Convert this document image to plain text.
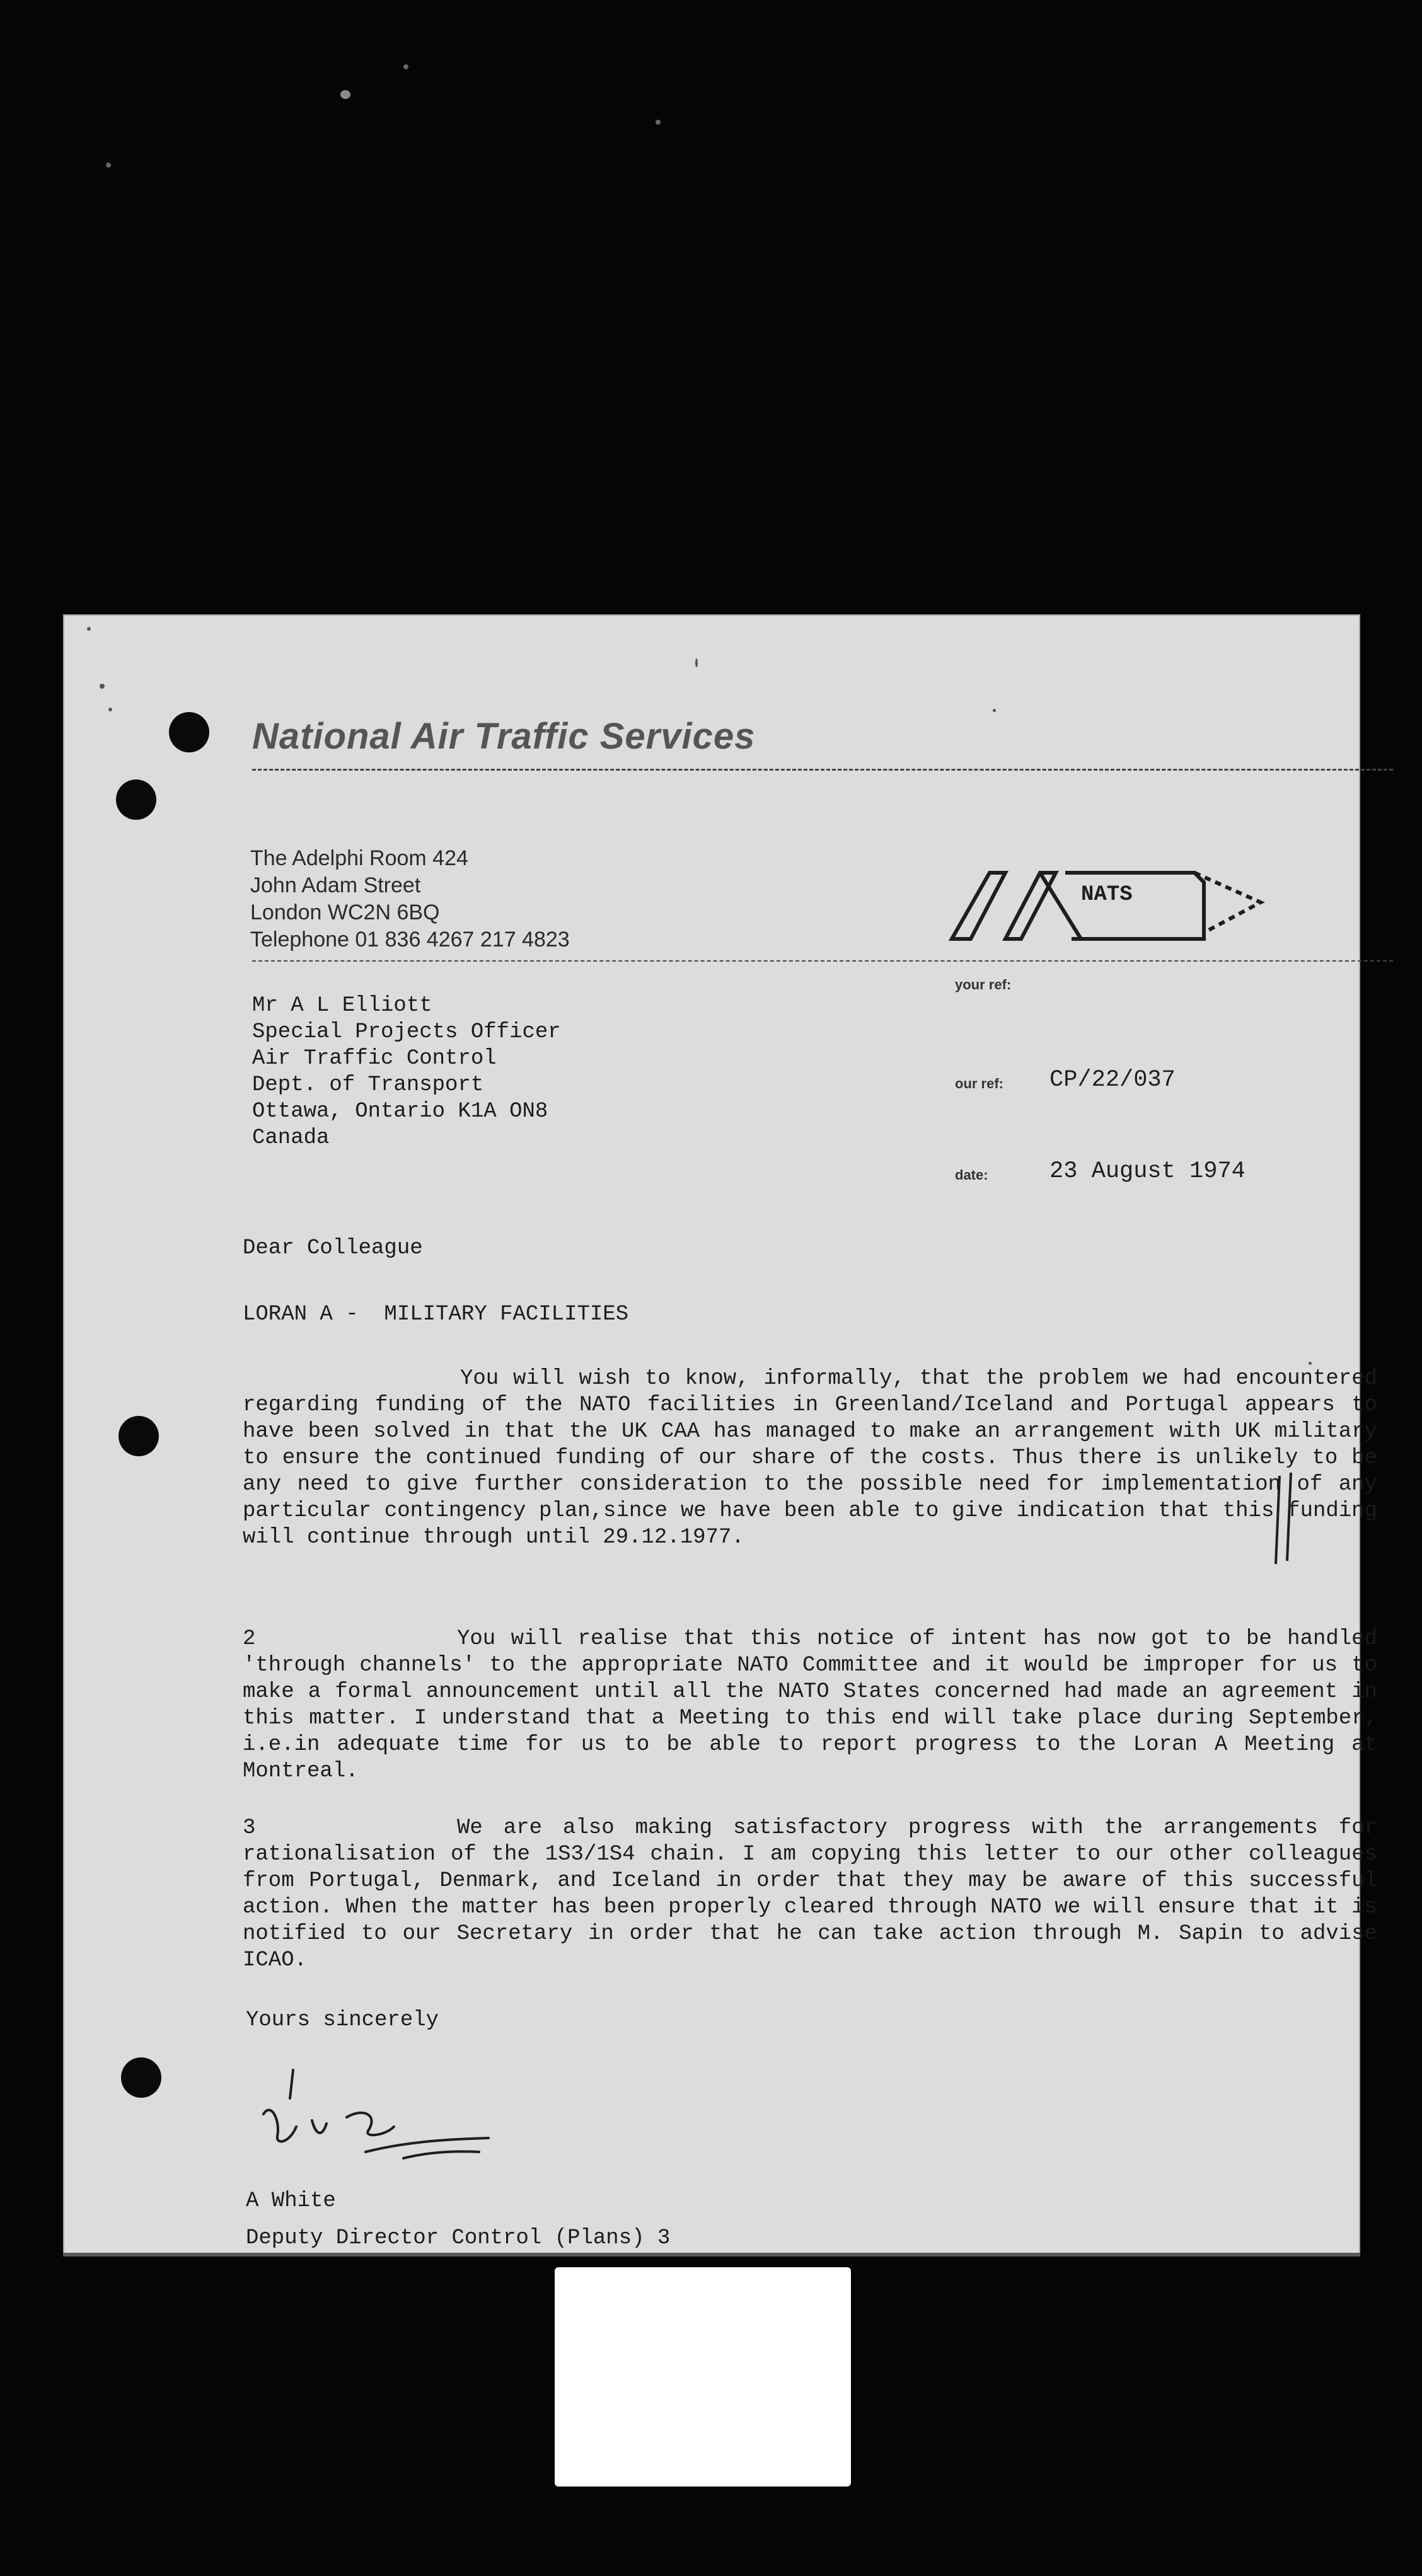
National Air Traffic Services
The Adelphi Room 424
John Adam Street
London WC2N 6BQ
Telephone 01 836 4267 217 4823
NATS
your ref:
our ref: CP/22/037
date:	23 August 1974
Mr A L Elliott
Special Projects Officer
Air Traffic Control
Dept. of Transport
Ottawa, Ontario K1A ON8
Canada
Dear Colleague
LORAN A -  MILITARY FACILITIES

You will wish to know, informally, that the problem we had encountered regarding funding of the NATO facilities in Greenland/Iceland and Portugal appears to have been solved in that the UK CAA has managed to make an arrangement with UK military to ensure the continued funding of our share of the costs. Thus there is unlikely to be any need to give further consideration to the possible need for implementation of any particular contingency plan,since we have been able to give indication that this funding will continue through until 29.12.1977.

2	You will realise that this notice of intent has now got to be handled 'through channels' to the appropriate NATO Committee and it would be improper for us to make a formal announcement until all the NATO States concerned had made an agreement in this matter. I understand that a Meeting to this end will take place during September, i.e.in adequate time for us to be able to report progress to the Loran A Meeting at Montreal.

3	We are also making satisfactory progress with the arrangements for rationalisation of the 1S3/1S4 chain. I am copying this letter to our other colleagues from Portugal, Denmark, and Iceland in order that they may be aware of this successful action. When the matter has been properly cleared through NATO we will ensure that it is notified to our Secretary in order that he can take action through M. Sapin to advise ICAO.

Yours sincerely
A White
Deputy Director Control (Plans) 3
